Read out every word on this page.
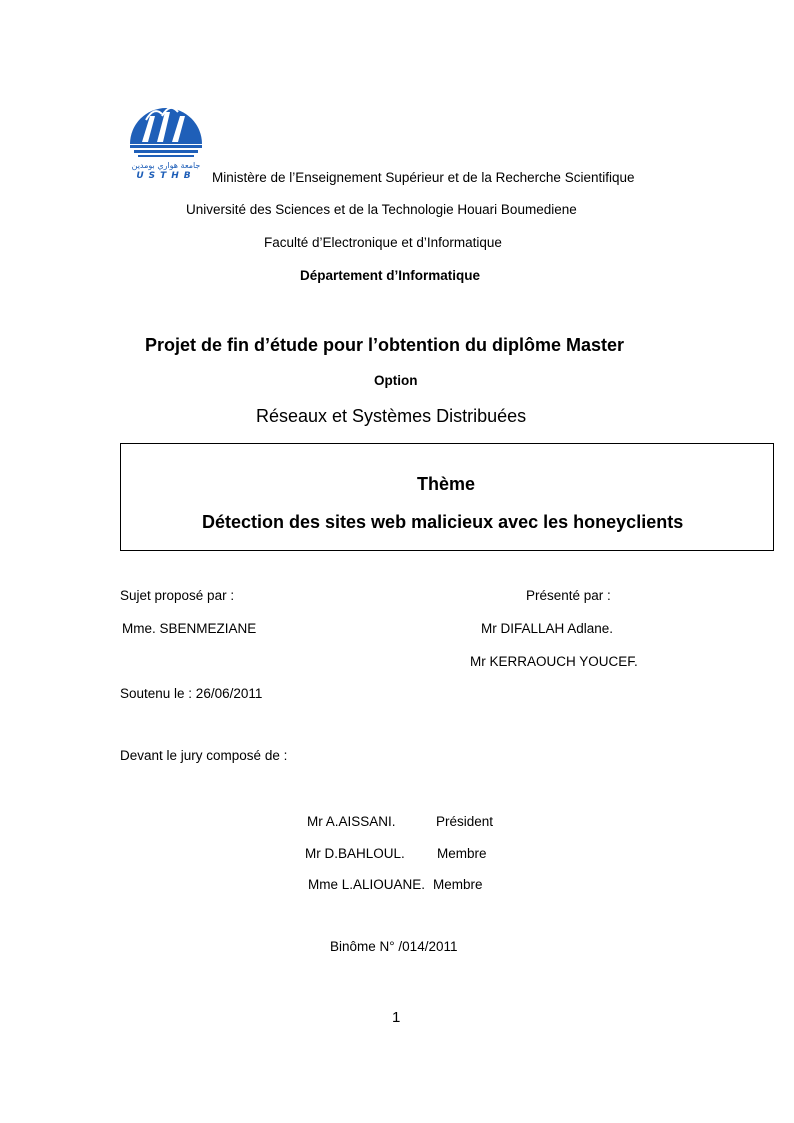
جامعة هواري بومدين
USTHB Ministère de l’Enseignement Supérieur et de la Recherche Scientifique
Université des Sciences et de la Technologie Houari Boumediene
Faculté d’Electronique et d’Informatique
Département d’Informatique
Projet de fin d’étude pour l’obtention du diplôme Master
Option
Réseaux et Systèmes Distribuées
Thème
Détection des sites web malicieux avec les honeyclients
Sujet proposé par :	Présenté par :
Mme. SBENMEZIANE	Mr DIFALLAH Adlane.
Mr KERRAOUCH YOUCEF.
Soutenu le : 26/06/2011
Devant le jury composé de :
Mr A.AISSANI.	Président
Mr D.BAHLOUL. Membre
Mme L.ALIOUANE. Membre
Binôme N° /014/2011
1
